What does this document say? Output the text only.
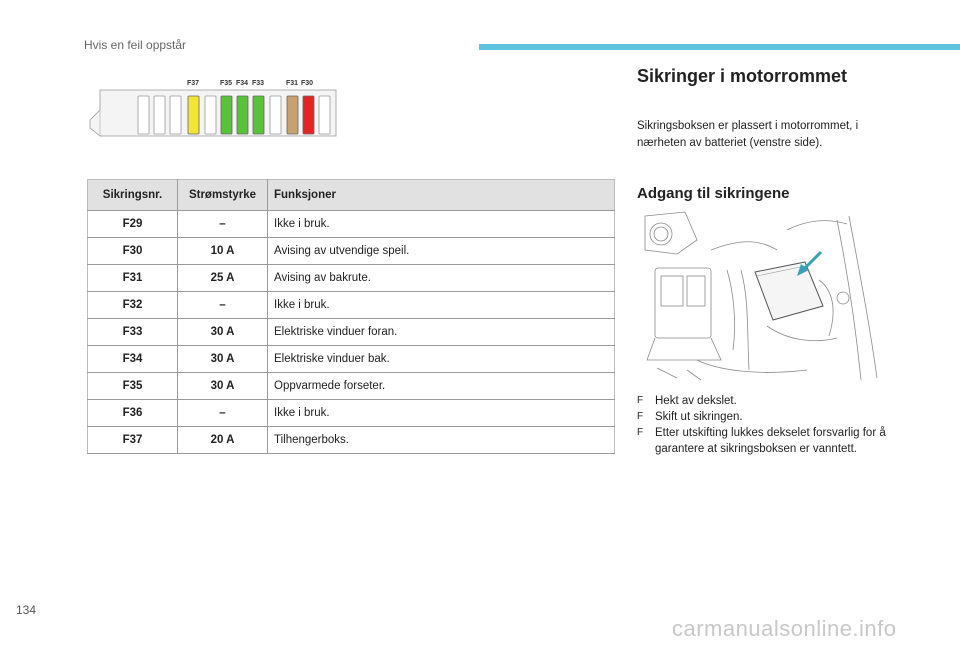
Hvis en feil oppstår
F37	F35 F34 F33	F31 F30
Sikringsnr.	Strømstyrke	Funksjoner
F29	–	Ikke i bruk.
F30	10 A	Avising av utvendige speil.
F31	25 A	Avising av bakrute.
F32	–	Ikke i bruk.
F33	30 A	Elektriske vinduer foran.
F34	30 A	Elektriske vinduer bak.
F35	30 A	Oppvarmede forseter.
F36	–	Ikke i bruk.
F37	20 A	Tilhengerboks.
Sikringer i motorrommet
Sikringsboksen er plassert i motorrommet, i nærheten av batteriet (venstre side).
Adgang til sikringene
F Hekt av dekslet.
F Skift ut sikringen.
F Etter utskifting lukkes dekselet forsvarlig for å garantere at sikringsboksen er vanntett.
134
carmanualsonline.info
